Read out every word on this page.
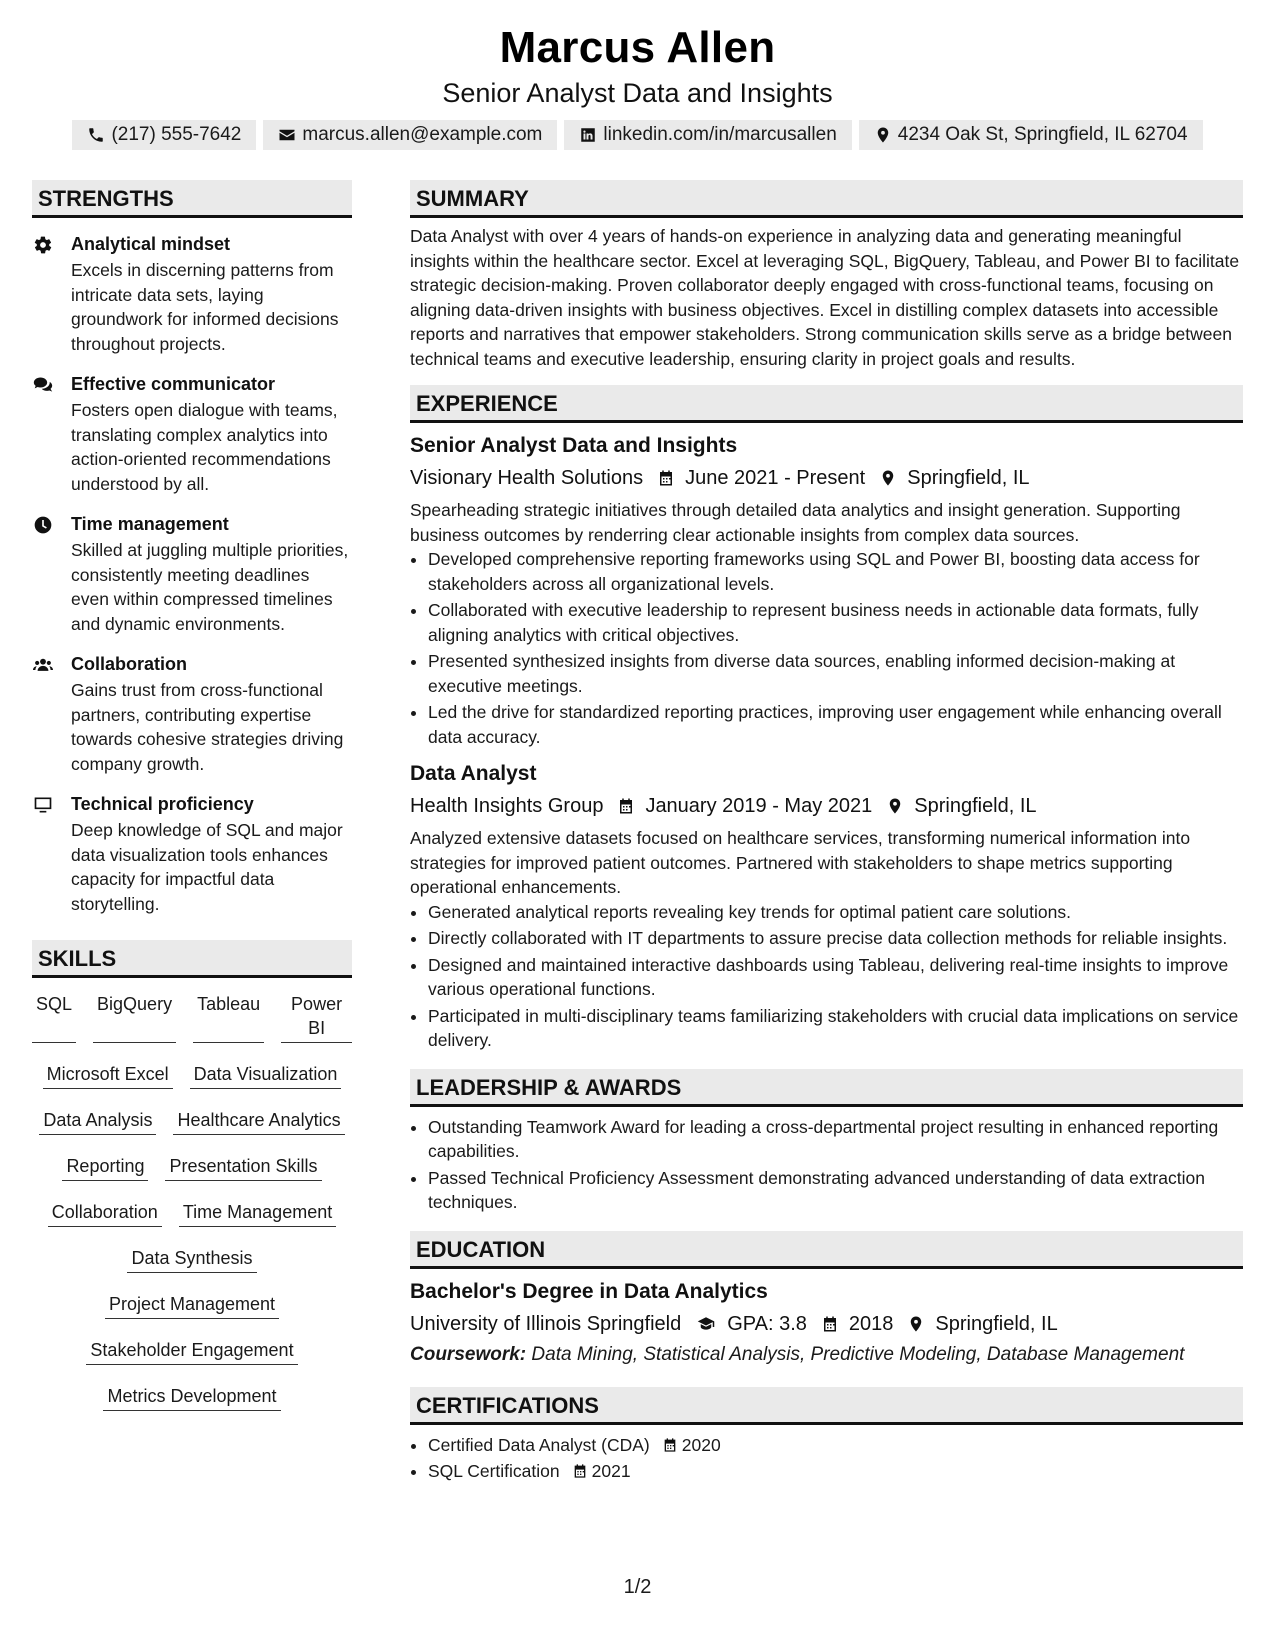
Marcus Allen
Senior Analyst Data and Insights
(217) 555-7642	marcus.allen@example.com	linkedin.com/in/marcusallen	4234 Oak St, Springfield, IL 62704
STRENGTHS
Analytical mindset
Excels in discerning patterns from intricate data sets, laying groundwork for informed decisions throughout projects.
Effective communicator
Fosters open dialogue with teams, translating complex analytics into action-oriented recommendations understood by all.
Time management
Skilled at juggling multiple priorities, consistently meeting deadlines even within compressed timelines and dynamic environments.
Collaboration
Gains trust from cross-functional partners, contributing expertise towards cohesive strategies driving company growth.
Technical proficiency
Deep knowledge of SQL and major data visualization tools enhances capacity for impactful data storytelling.
SKILLS
SQL BigQuery Tableau	Power BI
Microsoft Excel Data Visualization
Data Analysis Healthcare Analytics
Reporting Presentation Skills
Collaboration Time Management
Data Synthesis
Project Management
Stakeholder Engagement
Metrics Development
SUMMARY
Data Analyst with over 4 years of hands-on experience in analyzing data and generating meaningful insights within the healthcare sector. Excel at leveraging SQL, BigQuery, Tableau, and Power BI to facilitate strategic decision-making. Proven collaborator deeply engaged with cross-functional teams, focusing on aligning data-driven insights with business objectives. Excel in distilling complex datasets into accessible reports and narratives that empower stakeholders. Strong communication skills serve as a bridge between technical teams and executive leadership, ensuring clarity in project goals and results.
EXPERIENCE
Senior Analyst Data and Insights
Visionary Health Solutions June 2021 - Present Springfield, IL
Spearheading strategic initiatives through detailed data analytics and insight generation. Supporting business outcomes by renderring clear actionable insights from complex data sources.
• Developed comprehensive reporting frameworks using SQL and Power BI, boosting data access for stakeholders across all organizational levels.
• Collaborated with executive leadership to represent business needs in actionable data formats, fully aligning analytics with critical objectives.
• Presented synthesized insights from diverse data sources, enabling informed decision-making at executive meetings.
• Led the drive for standardized reporting practices, improving user engagement while enhancing overall data accuracy.
Data Analyst
Health Insights Group January 2019 - May 2021 Springfield, IL
Analyzed extensive datasets focused on healthcare services, transforming numerical information into strategies for improved patient outcomes. Partnered with stakeholders to shape metrics supporting operational enhancements.
• Generated analytical reports revealing key trends for optimal patient care solutions.
• Directly collaborated with IT departments to assure precise data collection methods for reliable insights.
• Designed and maintained interactive dashboards using Tableau, delivering real-time insights to improve various operational functions.
• Participated in multi-disciplinary teams familiarizing stakeholders with crucial data implications on service delivery.
LEADERSHIP & AWARDS
• Outstanding Teamwork Award for leading a cross-departmental project resulting in enhanced reporting capabilities.
• Passed Technical Proficiency Assessment demonstrating advanced understanding of data extraction techniques.
EDUCATION
Bachelor's Degree in Data Analytics
University of Illinois Springfield GPA: 3.8 2018 Springfield, IL
Coursework: Data Mining, Statistical Analysis, Predictive Modeling, Database Management
CERTIFICATIONS
• Certified Data Analyst (CDA) 2020
• SQL Certification 2021
1/2
